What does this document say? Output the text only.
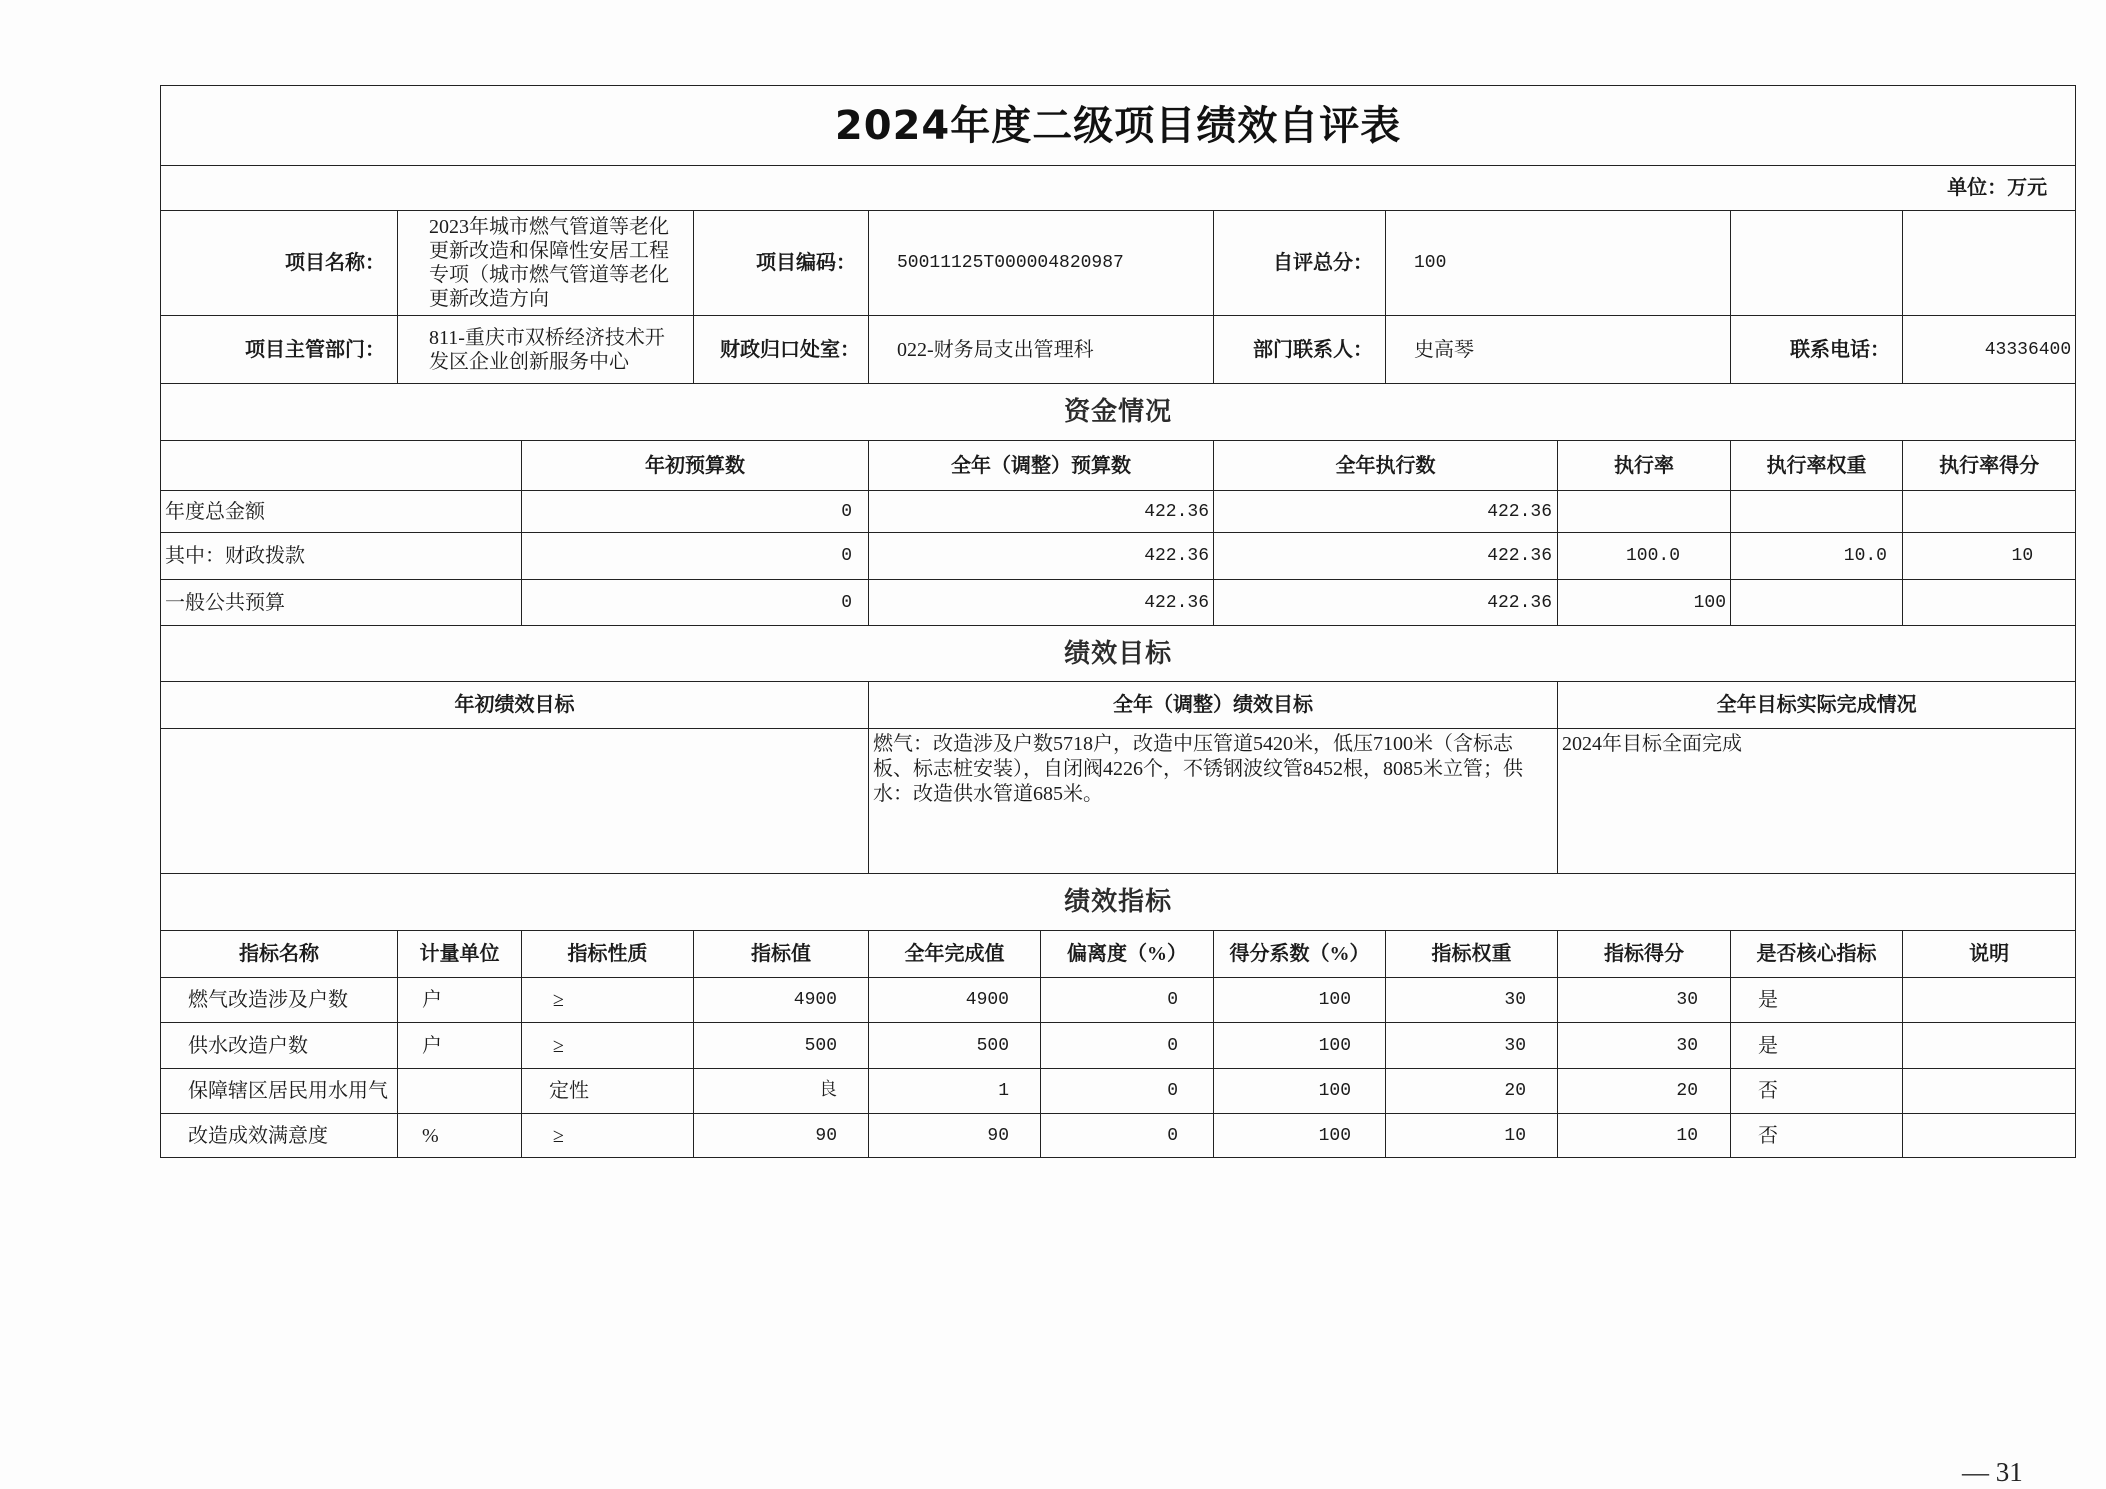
2024年度二级项目绩效自评表										
单位：万元										
项目名称：	2023年城市燃气管道等老化更新改造和保障性安居工程专项（城市燃气管道等老化更新改造方向		项目编码：	50011125T000004820987		自评总分：	100			
项目主管部门：	811-重庆市双桥经济技术开发区企业创新服务中心		财政归口处室：	022-财务局支出管理科		部门联系人：	史高琴		联系电话：	43336400
资金情况										
		年初预算数		全年（调整）预算数		全年执行数		执行率	执行率权重	执行率得分
年度总金额		0		422.36		422.36				
其中：财政拨款		0		422.36		422.36		100.0	10.0	10
一般公共预算		0		422.36		422.36		100		
绩效目标										
年初绩效目标				全年（调整）绩效目标				全年目标实际完成情况		
				燃气：改造涉及户数5718户，改造中压管道5420米，低压7100米（含标志板、标志桩安装），自闭阀4226个，不锈钢波纹管8452根，8085米立管；供水：改造供水管道685米。				2024年目标全面完成		
绩效指标										
指标名称	计量单位	指标性质	指标值	全年完成值	偏离度（%）	得分系数（%）	指标权重	指标得分	是否核心指标	说明
燃气改造涉及户数	户	≥	4900	4900	0	100	30	30	是	
供水改造户数	户	≥	500	500	0	100	30	30	是	
保障辖区居民用水用气		定性	良	1	0	100	20	20	否	
改造成效满意度	%	≥	90	90	0	100	10	10	否	
— 31
